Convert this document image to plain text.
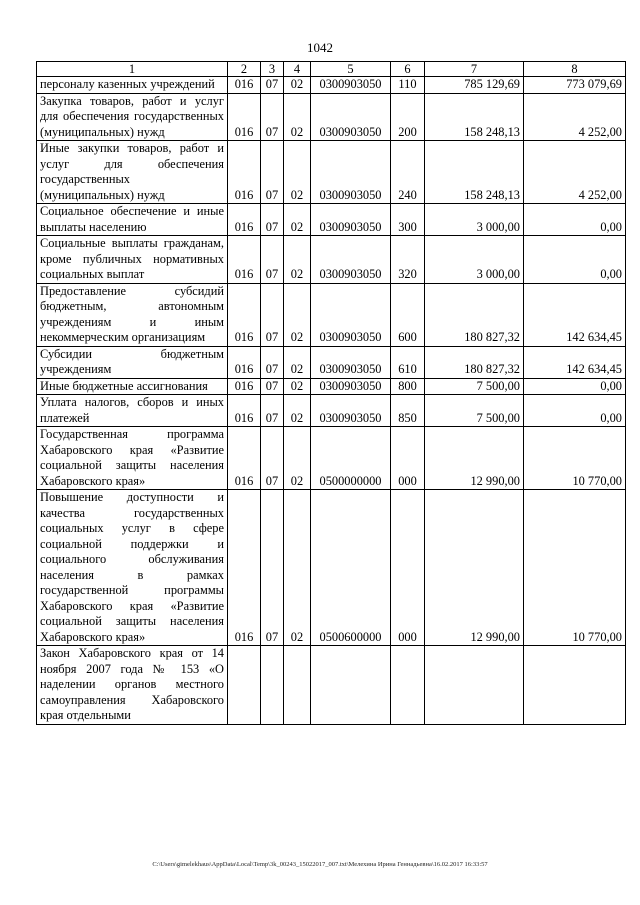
1042
1	2	3	4	5	6	7	8

персоналу казенных учреждений	016	07	02	0300903050	110	785 129,69	773 079,69

Закупка товаров, работ и услуг для обеспечения государственных (муниципальных) нужд	016	07	02	0300903050	200	158 248,13	4 252,00

Иные закупки товаров, работ и услуг для обеспечения государственных (муниципальных) нужд	016	07	02	0300903050	240	158 248,13	4 252,00

Социальное обеспечение и иные выплаты населению	016	07	02	0300903050	300	3 000,00	0,00

Социальные выплаты гражданам, кроме публичных нормативных социальных выплат	016	07	02	0300903050	320	3 000,00	0,00

Предоставление субсидий бюджетным, автономным учреждениям и иным некоммерческим организациям	016	07	02	0300903050	600	180 827,32	142 634,45

Субсидии бюджетным учреждениям	016	07	02	0300903050	610	180 827,32	142 634,45

Иные бюджетные ассигнования	016	07	02	0300903050	800	7 500,00	0,00

Уплата налогов, сборов и иных платежей	016	07	02	0300903050	850	7 500,00	0,00

Государственная программа Хабаровского края «Развитие социальной защиты населения Хабаровского края»	016	07	02	0500000000	000	12 990,00	10 770,00

Повышение доступности и качества государственных социальных услуг в сфере социальной поддержки и социального обслуживания населения в рамках государственной программы Хабаровского края «Развитие социальной защиты населения Хабаровского края»	016	07	02	0500600000	000	12 990,00	10 770,00

Закон Хабаровского края от 14 ноября 2007 года № 153 «О наделении органов местного самоуправления Хабаровского края отдельными							

C:\Users\gimelekhaus\AppData\Local\Temp\3k_00243_15022017_007.txt\Мелехина Ирина Геннадьевна\16.02.2017 16:33:57
